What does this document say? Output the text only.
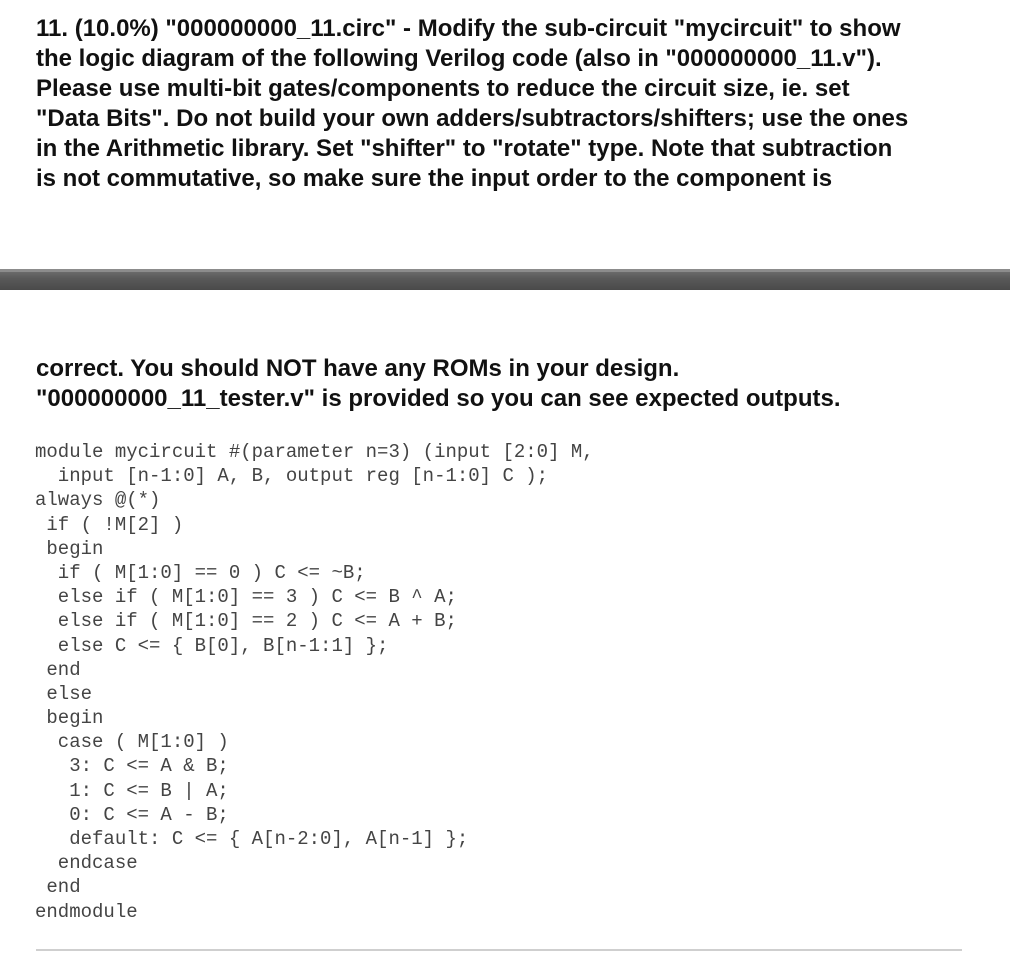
11. (10.0%) "000000000_11.circ" - Modify the sub-circuit "mycircuit" to show
the logic diagram of the following Verilog code (also in "000000000_11.v").
Please use multi-bit gates/components to reduce the circuit size, ie. set
"Data Bits". Do not build your own adders/subtractors/shifters; use the ones
in the Arithmetic library. Set "shifter" to "rotate" type. Note that subtraction
is not commutative, so make sure the input order to the component is
correct. You should NOT have any ROMs in your design.
"000000000_11_tester.v" is provided so you can see expected outputs.
module mycircuit #(parameter n=3) (input [2:0] M,
input [n-1:0] A, B, output reg [n-1:0] C );
always @(*)
if ( !M[2] )
begin
if ( M[1:0] == 0 ) C <= ~B;
else if ( M[1:0] == 3 ) C <= B ^ A;
else if ( M[1:0] == 2 ) C <= A + B;
else C <= { B[0], B[n-1:1] };
end
else
begin
case ( M[1:0] )
3: C <= A & B;
1: C <= B | A;
0: C <= A - B;
default: C <= { A[n-2:0], A[n-1] };
endcase
end
endmodule
